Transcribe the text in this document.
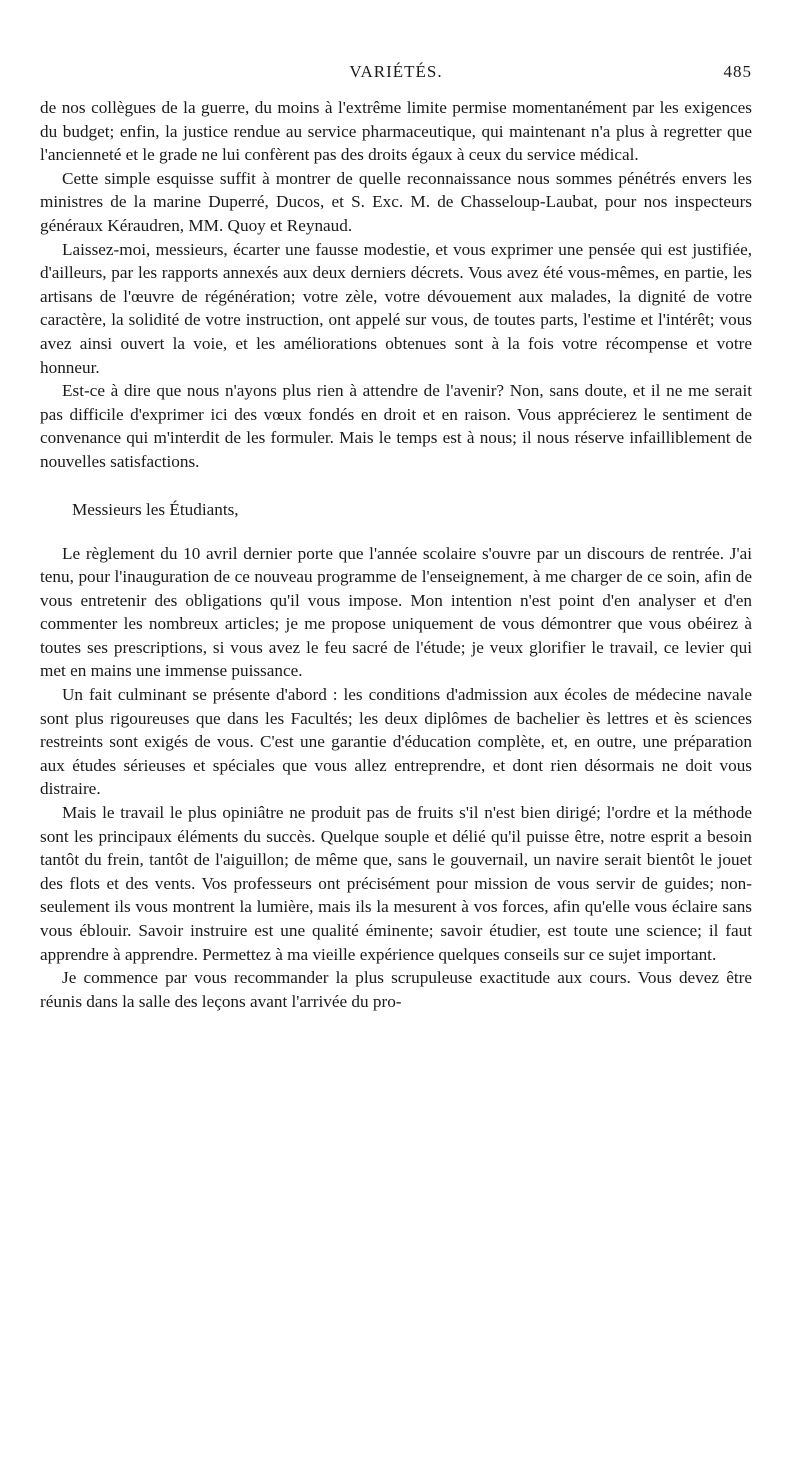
VARIÉTÉS.	485

de nos collègues de la guerre, du moins à l'extrême limite permise momentanément par les exigences du budget; enfin, la justice rendue au service pharmaceutique, qui maintenant n'a plus à regretter que l'ancienneté et le grade ne lui confèrent pas des droits égaux à ceux du service médical.

Cette simple esquisse suffit à montrer de quelle reconnaissance nous sommes pénétrés envers les ministres de la marine Duperré, Ducos, et S. Exc. M. de Chasseloup-Laubat, pour nos inspecteurs généraux Kéraudren, MM. Quoy et Reynaud.

Laissez-moi, messieurs, écarter une fausse modestie, et vous exprimer une pensée qui est justifiée, d'ailleurs, par les rapports annexés aux deux derniers décrets. Vous avez été vous-mêmes, en partie, les artisans de l'œuvre de régénération; votre zèle, votre dévouement aux malades, la dignité de votre caractère, la solidité de votre instruction, ont appelé sur vous, de toutes parts, l'estime et l'intérêt; vous avez ainsi ouvert la voie, et les améliorations obtenues sont à la fois votre récompense et votre honneur.

Est-ce à dire que nous n'ayons plus rien à attendre de l'avenir? Non, sans doute, et il ne me serait pas difficile d'exprimer ici des vœux fondés en droit et en raison. Vous apprécierez le sentiment de convenance qui m'interdit de les formuler. Mais le temps est à nous; il nous réserve infailliblement de nouvelles satisfactions.

Messieurs les Étudiants,

Le règlement du 10 avril dernier porte que l'année scolaire s'ouvre par un discours de rentrée. J'ai tenu, pour l'inauguration de ce nouveau programme de l'enseignement, à me charger de ce soin, afin de vous entretenir des obligations qu'il vous impose. Mon intention n'est point d'en analyser et d'en commenter les nombreux articles; je me propose uniquement de vous démontrer que vous obéirez à toutes ses prescriptions, si vous avez le feu sacré de l'étude; je veux glorifier le travail, ce levier qui met en mains une immense puissance.

Un fait culminant se présente d'abord : les conditions d'admission aux écoles de médecine navale sont plus rigoureuses que dans les Facultés; les deux diplômes de bachelier ès lettres et ès sciences restreints sont exigés de vous. C'est une garantie d'éducation complète, et, en outre, une préparation aux études sérieuses et spéciales que vous allez entreprendre, et dont rien désormais ne doit vous distraire.

Mais le travail le plus opiniâtre ne produit pas de fruits s'il n'est bien dirigé; l'ordre et la méthode sont les principaux éléments du succès. Quelque souple et délié qu'il puisse être, notre esprit a besoin tantôt du frein, tantôt de l'aiguillon; de même que, sans le gouvernail, un navire serait bientôt le jouet des flots et des vents. Vos professeurs ont précisément pour mission de vous servir de guides; non-seulement ils vous montrent la lumière, mais ils la mesurent à vos forces, afin qu'elle vous éclaire sans vous éblouir. Savoir instruire est une qualité éminente; savoir étudier, est toute une science; il faut apprendre à apprendre. Permettez à ma vieille expérience quelques conseils sur ce sujet important.

Je commence par vous recommander la plus scrupuleuse exactitude aux cours. Vous devez être réunis dans la salle des leçons avant l'arrivée du pro-
